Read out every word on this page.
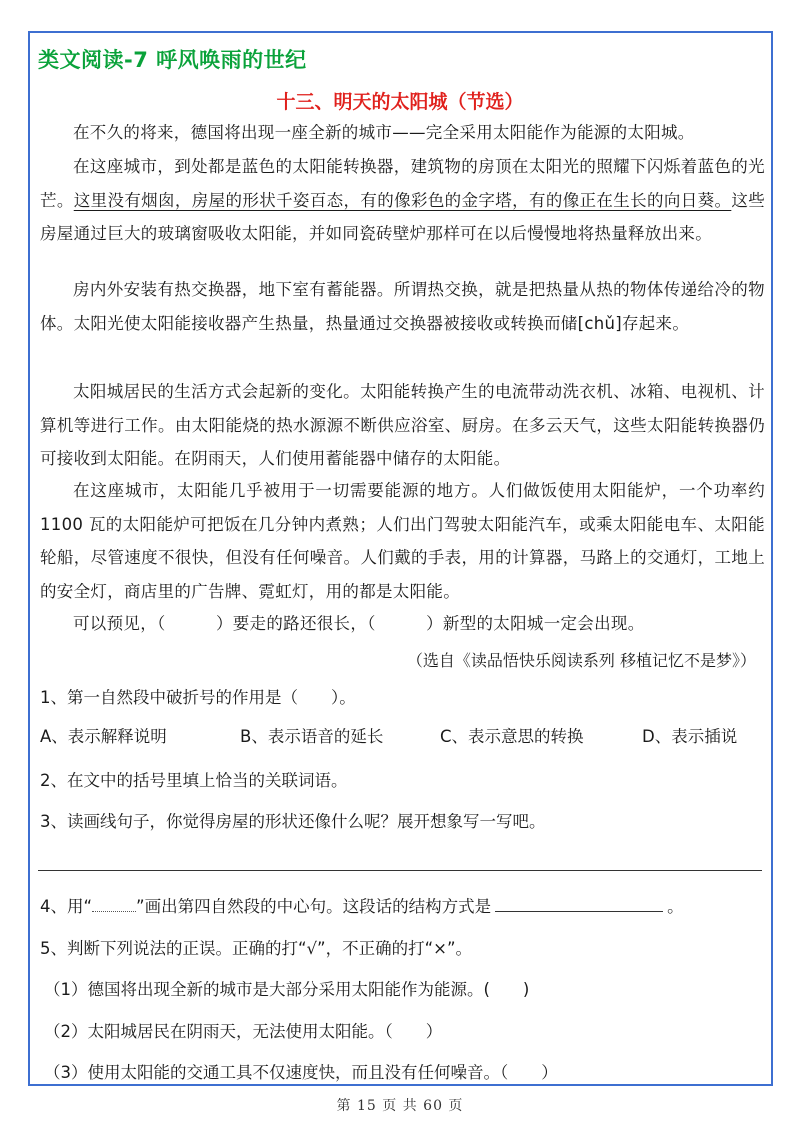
类文阅读-7 呼风唤雨的世纪
十三、明天的太阳城（节选）
在不久的将来，德国将出现一座全新的城市——完全采用太阳能作为能源的太阳城。
在这座城市，到处都是蓝色的太阳能转换器，建筑物的房顶在太阳光的照耀下闪烁着蓝色的光芒。这里没有烟囱，房屋的形状千姿百态，有的像彩色的金字塔，有的像正在生长的向日葵。这些房屋通过巨大的玻璃窗吸收太阳能，并如同瓷砖壁炉那样可在以后慢慢地将热量释放出来。
房内外安装有热交换器，地下室有蓄能器。所谓热交换，就是把热量从热的物体传递给冷的物体。太阳光使太阳能接收器产生热量，热量通过交换器被接收或转换而储[chǔ]存起来。
太阳城居民的生活方式会起新的变化。太阳能转换产生的电流带动洗衣机、冰箱、电视机、计算机等进行工作。由太阳能烧的热水源源不断供应浴室、厨房。在多云天气，这些太阳能转换器仍可接收到太阳能。在阴雨天，人们使用蓄能器中储存的太阳能。
在这座城市，太阳能几乎被用于一切需要能源的地方。人们做饭使用太阳能炉，一个功率约 1100 瓦的太阳能炉可把饭在几分钟内煮熟；人们出门驾驶太阳能汽车，或乘太阳能电车、太阳能轮船，尽管速度不很快，但没有任何噪音。人们戴的手表，用的计算器，马路上的交通灯，工地上的安全灯，商店里的广告牌、霓虹灯，用的都是太阳能。
可以预见，（　　　）要走的路还很长，（　　　）新型的太阳城一定会出现。
（选自《读品悟快乐阅读系列 移植记忆不是梦》）
1、第一自然段中破折号的作用是（　　）。
A、表示解释说明	B、表示语音的延长	C、表示意思的转换	D、表示插说
2、在文中的括号里填上恰当的关联词语。
3、读画线句子，你觉得房屋的形状还像什么呢？展开想象写一写吧。
4、用“	”画出第四自然段的中心句。这段话的结构方式是	。
5、判断下列说法的正误。正确的打“√”，不正确的打“×”。
（1）德国将出现全新的城市是大部分采用太阳能作为能源。(　　)
（2）太阳城居民在阴雨天，无法使用太阳能。（　　）
（3）使用太阳能的交通工具不仅速度快，而且没有任何噪音。（　　）
第 15 页 共 60 页
